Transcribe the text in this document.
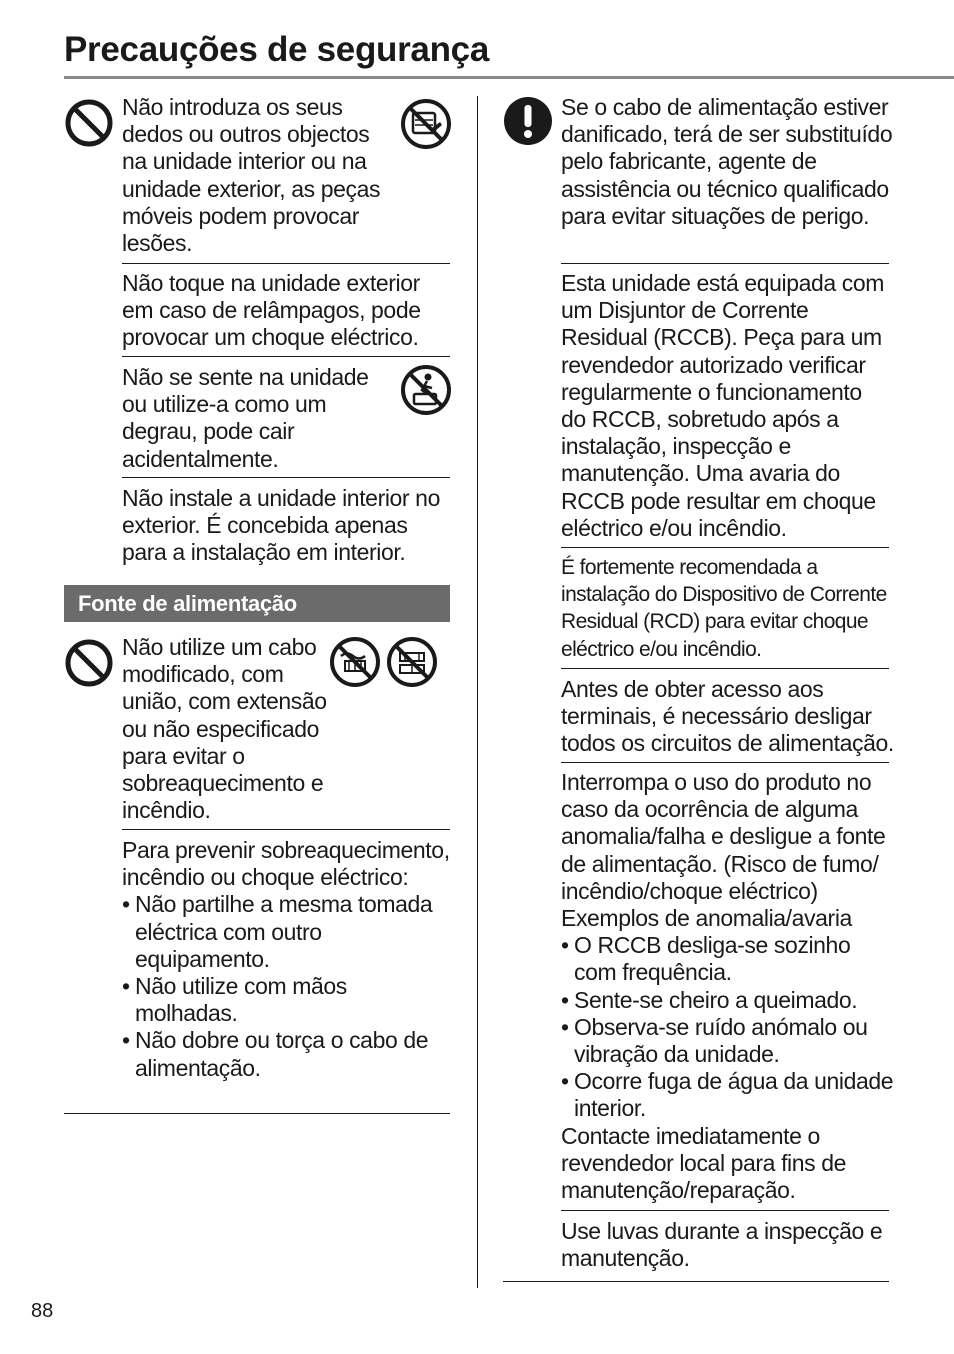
Precauções de segurança

Não introduza os seus dedos ou outros objectos na unidade interior ou na unidade exterior, as peças móveis podem provocar lesões.

Não toque na unidade exterior em caso de relâmpagos, pode provocar um choque eléctrico.

Não se sente na unidade ou utilize-a como um degrau, pode cair acidentalmente.

Não instale a unidade interior no exterior. É concebida apenas para a instalação em interior.

Fonte de alimentação

Não utilize um cabo modificado, com união, com extensão ou não especificado para evitar o sobreaquecimento e incêndio.

Para prevenir sobreaquecimento, incêndio ou choque eléctrico:

• Não partilhe a mesma tomada eléctrica com outro equipamento.
• Não utilize com mãos molhadas.
• Não dobre ou torça o cabo de alimentação.

Se o cabo de alimentação estiver danificado, terá de ser substituído pelo fabricante, agente de assistência ou técnico qualificado para evitar situações de perigo.

Esta unidade está equipada com um Disjuntor de Corrente Residual (RCCB). Peça para um revendedor autorizado verificar regularmente o funcionamento do RCCB, sobretudo após a instalação, inspecção e manutenção. Uma avaria do RCCB pode resultar em choque eléctrico e/ou incêndio.

É fortemente recomendada a instalação do Dispositivo de Corrente Residual (RCD) para evitar choque eléctrico e/ou incêndio.

Antes de obter acesso aos terminais, é necessário desligar todos os circuitos de alimentação.

Interrompa o uso do produto no caso da ocorrência de alguma anomalia/falha e desligue a fonte de alimentação. (Risco de fumo/ incêndio/choque eléctrico)

Exemplos de anomalia/avaria

• O RCCB desliga-se sozinho com frequência.
• Sente-se cheiro a queimado.
• Observa-se ruído anómalo ou vibração da unidade.
• Ocorre fuga de água da unidade interior.

Contacte imediatamente o revendedor local para fins de manutenção/reparação.

Use luvas durante a inspecção e manutenção.

88
